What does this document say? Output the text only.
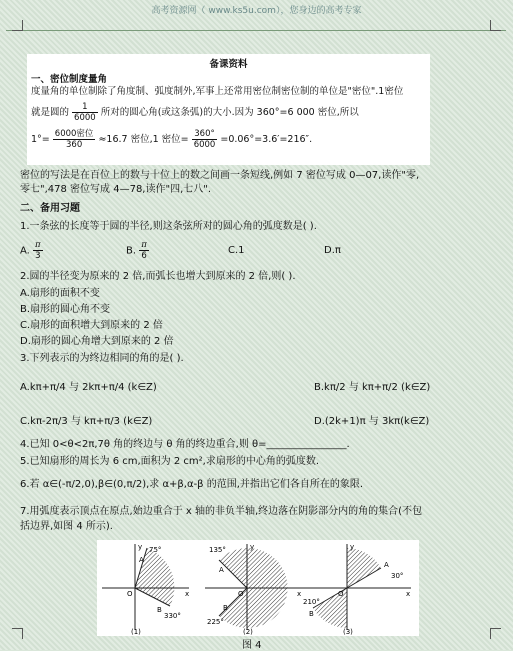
高考资源网（ www.ks5u.com），您身边的高考专家
备课资料
一、密位制度量角

度量角的单位制除了角度制、弧度制外,军事上还常用密位制密位制的单位是"密位".1密位

就是圆的 $\frac{1}{6000}$ 所对的圆心角(或这条弧)的大小.因为 360°=6 000 密位,所以

$1^\circ= \frac{\text{6000密位}}{360} \approx 16.7$ 密位,1 密位= $\frac{360^\circ}{6000} =0.06^\circ=3.6'=216''$.

密位的写法是在百位上的数与十位上的数之间画一条短线,例如 7 密位写成 0—07,读作"零,
零七",478 密位写成 4—78,读作"四,七八".
二、备用习题
1.一条弦的长度等于圆的半径,则这条弦所对的圆心角的弧度数是( ).
A. $\frac{\pi}{3}$	B. $\frac{\pi}{6}$	C.1	D.π
2.圆的半径变为原来的 2 倍,而弧长也增大到原来的 2 倍,则( ).
A.扇形的面积不变
B.扇形的圆心角不变
C.扇形的面积增大到原来的 2 倍
D.扇形的圆心角增大到原来的 2 倍
3.下列表示的为终边相同的角的是( ).
A.kπ+π/4 与 2kπ+π/4 (k∈Z)	B.kπ/2 与 kπ+π/2 (k∈Z)
C.kπ-2π/3 与 kπ+π/3 (k∈Z)	D.(2k+1)π 与 3kπ(k∈Z)
4.已知 0<θ<2π,7θ 角的终边与 θ 角的终边重合,则 θ=________________.
5.已知扇形的周长为 6 cm,面积为 2 cm²,求扇形的中心角的弧度数.
6.若 α∈(-π/2,0),β∈(0,π/2),求 α+β,α-β 的范围,并指出它们各自所在的象限.
7.用弧度表示顶点在原点,始边重合于 x 轴的非负半轴,终边落在阴影部分内的角的集合(不包
括边界,如图 4 所示).
x
y
O
A
75°
B
330°
(1)
x
y
O
135°
A
B
225°
(2)
x
y
O
A
30°
210°
B
(3)
图 4
